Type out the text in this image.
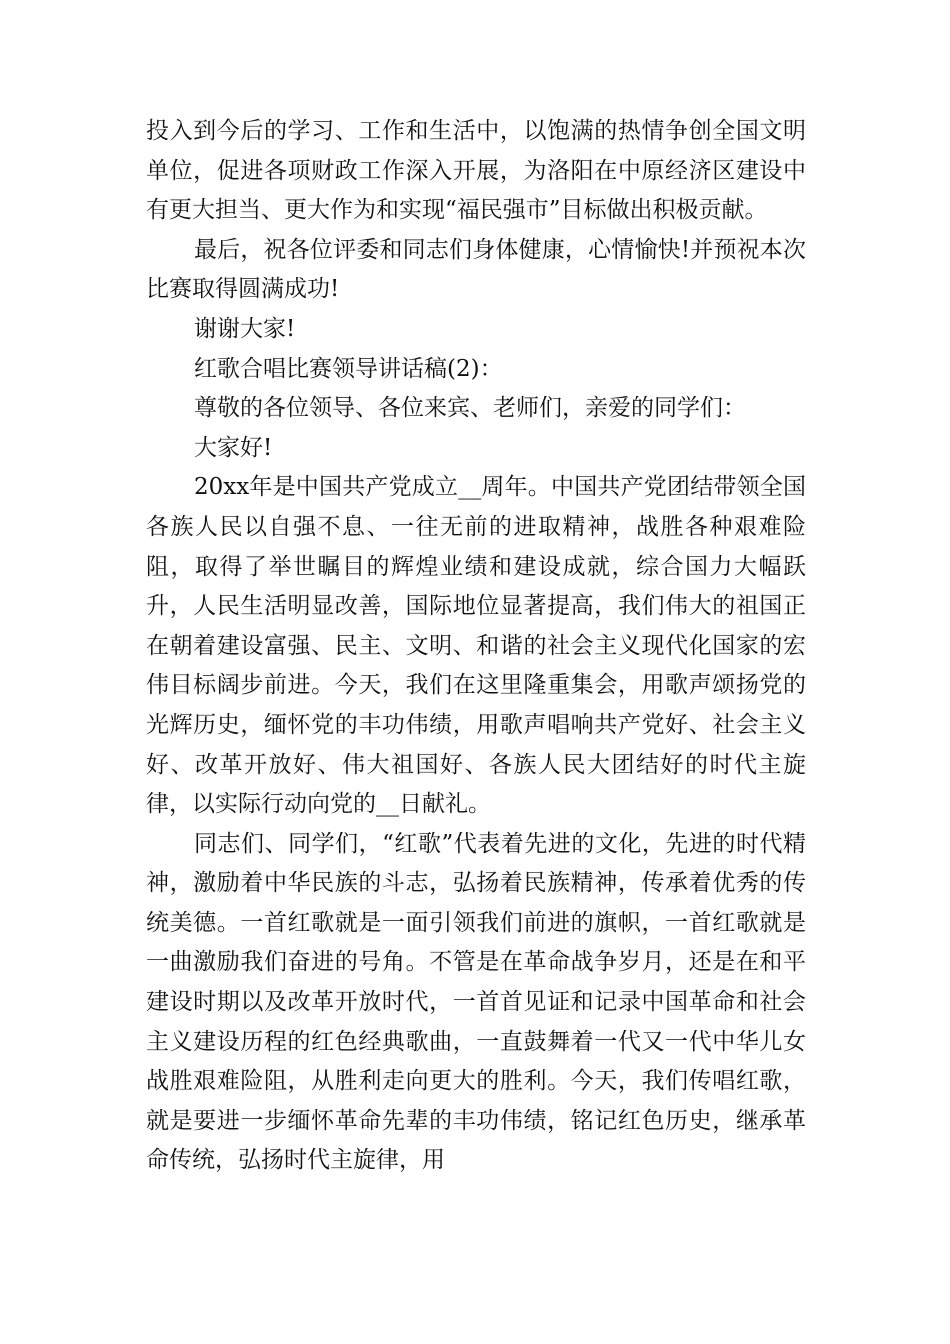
投入到今后的学习、工作和生活中，以饱满的热情争创全国文明单位，促进各项财政工作深入开展，为洛阳在中原经济区建设中有更大担当、更大作为和实现“福民强市”目标做出积极贡献。

最后，祝各位评委和同志们身体健康，心情愉快!并预祝本次比赛取得圆满成功!

谢谢大家!

红歌合唱比赛领导讲话稿(2)：

尊敬的各位领导、各位来宾、老师们，亲爱的同学们：

大家好!

20xx年是中国共产党成立__周年。中国共产党团结带领全国各族人民以自强不息、一往无前的进取精神，战胜各种艰难险阻，取得了举世瞩目的辉煌业绩和建设成就，综合国力大幅跃升，人民生活明显改善，国际地位显著提高，我们伟大的祖国正在朝着建设富强、民主、文明、和谐的社会主义现代化国家的宏伟目标阔步前进。今天，我们在这里隆重集会，用歌声颂扬党的光辉历史，缅怀党的丰功伟绩，用歌声唱响共产党好、社会主义好、改革开放好、伟大祖国好、各族人民大团结好的时代主旋律，以实际行动向党的__日献礼。

同志们、同学们，“红歌”代表着先进的文化，先进的时代精神，激励着中华民族的斗志，弘扬着民族精神，传承着优秀的传统美德。一首红歌就是一面引领我们前进的旗帜，一首红歌就是一曲激励我们奋进的号角。不管是在革命战争岁月，还是在和平建设时期以及改革开放时代，一首首见证和记录中国革命和社会主义建设历程的红色经典歌曲，一直鼓舞着一代又一代中华儿女战胜艰难险阻，从胜利走向更大的胜利。今天，我们传唱红歌，就是要进一步缅怀革命先辈的丰功伟绩，铭记红色历史，继承革命传统，弘扬时代主旋律，用
